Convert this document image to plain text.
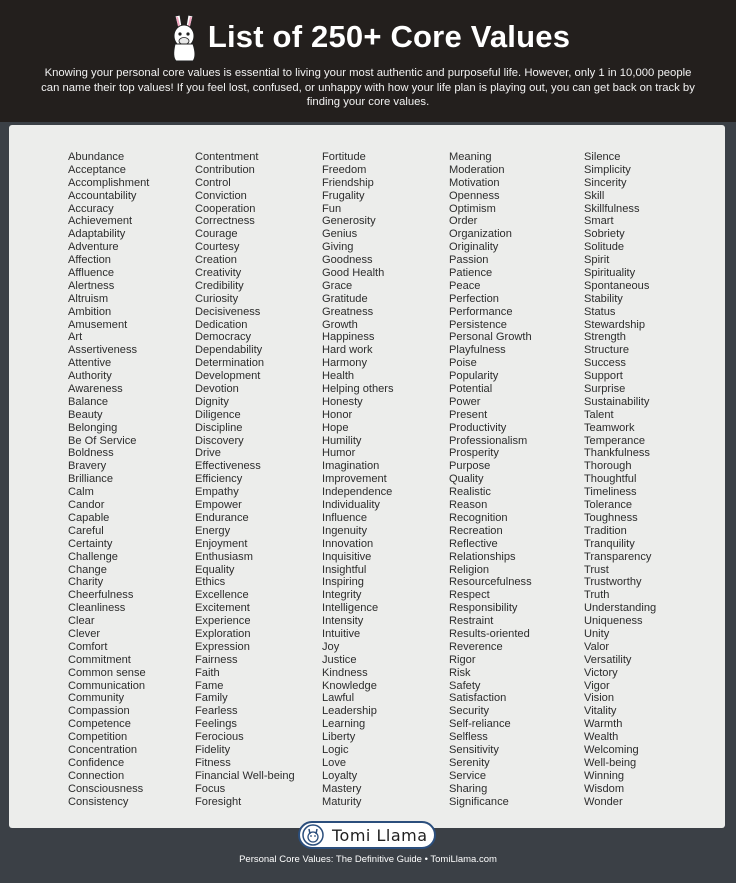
List of 250+ Core Values
Knowing your personal core values is essential to living your most authentic and purposeful life. However, only 1 in 10,000 people can name their top values! If you feel lost, confused, or unhappy with how your life plan is playing out, you can get back on track by finding your core values.
Abundance
Acceptance
Accomplishment
Accountability
Accuracy
Achievement
Adaptability
Adventure
Affection
Affluence
Alertness
Altruism
Ambition
Amusement
Art
Assertiveness
Attentive
Authority
Awareness
Balance
Beauty
Belonging
Be Of Service
Boldness
Bravery
Brilliance
Calm
Candor
Capable
Careful
Certainty
Challenge
Change
Charity
Cheerfulness
Cleanliness
Clear
Clever
Comfort
Commitment
Common sense
Communication
Community
Compassion
Competence
Competition
Concentration
Confidence
Connection
Consciousness
Consistency
Contentment
Contribution
Control
Conviction
Cooperation
Correctness
Courage
Courtesy
Creation
Creativity
Credibility
Curiosity
Decisiveness
Dedication
Democracy
Dependability
Determination
Development
Devotion
Dignity
Diligence
Discipline
Discovery
Drive
Effectiveness
Efficiency
Empathy
Empower
Endurance
Energy
Enjoyment
Enthusiasm
Equality
Ethics
Excellence
Excitement
Experience
Exploration
Expression
Fairness
Faith
Fame
Family
Fearless
Feelings
Ferocious
Fidelity
Fitness
Financial Well-being
Focus
Foresight
Fortitude
Freedom
Friendship
Frugality
Fun
Generosity
Genius
Giving
Goodness
Good Health
Grace
Gratitude
Greatness
Growth
Happiness
Hard work
Harmony
Health
Helping others
Honesty
Honor
Hope
Humility
Humor
Imagination
Improvement
Independence
Individuality
Influence
Ingenuity
Innovation
Inquisitive
Insightful
Inspiring
Integrity
Intelligence
Intensity
Intuitive
Joy
Justice
Kindness
Knowledge
Lawful
Leadership
Learning
Liberty
Logic
Love
Loyalty
Mastery
Maturity
Meaning
Moderation
Motivation
Openness
Optimism
Order
Organization
Originality
Passion
Patience
Peace
Perfection
Performance
Persistence
Personal Growth
Playfulness
Poise
Popularity
Potential
Power
Present
Productivity
Professionalism
Prosperity
Purpose
Quality
Realistic
Reason
Recognition
Recreation
Reflective
Relationships
Religion
Resourcefulness
Respect
Responsibility
Restraint
Results-oriented
Reverence
Rigor
Risk
Safety
Satisfaction
Security
Self-reliance
Selfless
Sensitivity
Serenity
Service
Sharing
Significance
Silence
Simplicity
Sincerity
Skill
Skillfulness
Smart
Sobriety
Solitude
Spirit
Spirituality
Spontaneous
Stability
Status
Stewardship
Strength
Structure
Success
Support
Surprise
Sustainability
Talent
Teamwork
Temperance
Thankfulness
Thorough
Thoughtful
Timeliness
Tolerance
Toughness
Tradition
Tranquility
Transparency
Trust
Trustworthy
Truth
Understanding
Uniqueness
Unity
Valor
Versatility
Victory
Vigor
Vision
Vitality
Warmth
Wealth
Welcoming
Well-being
Winning
Wisdom
Wonder
Tomi Llama
Personal Core Values: The Definitive Guide • TomiLlama.com
